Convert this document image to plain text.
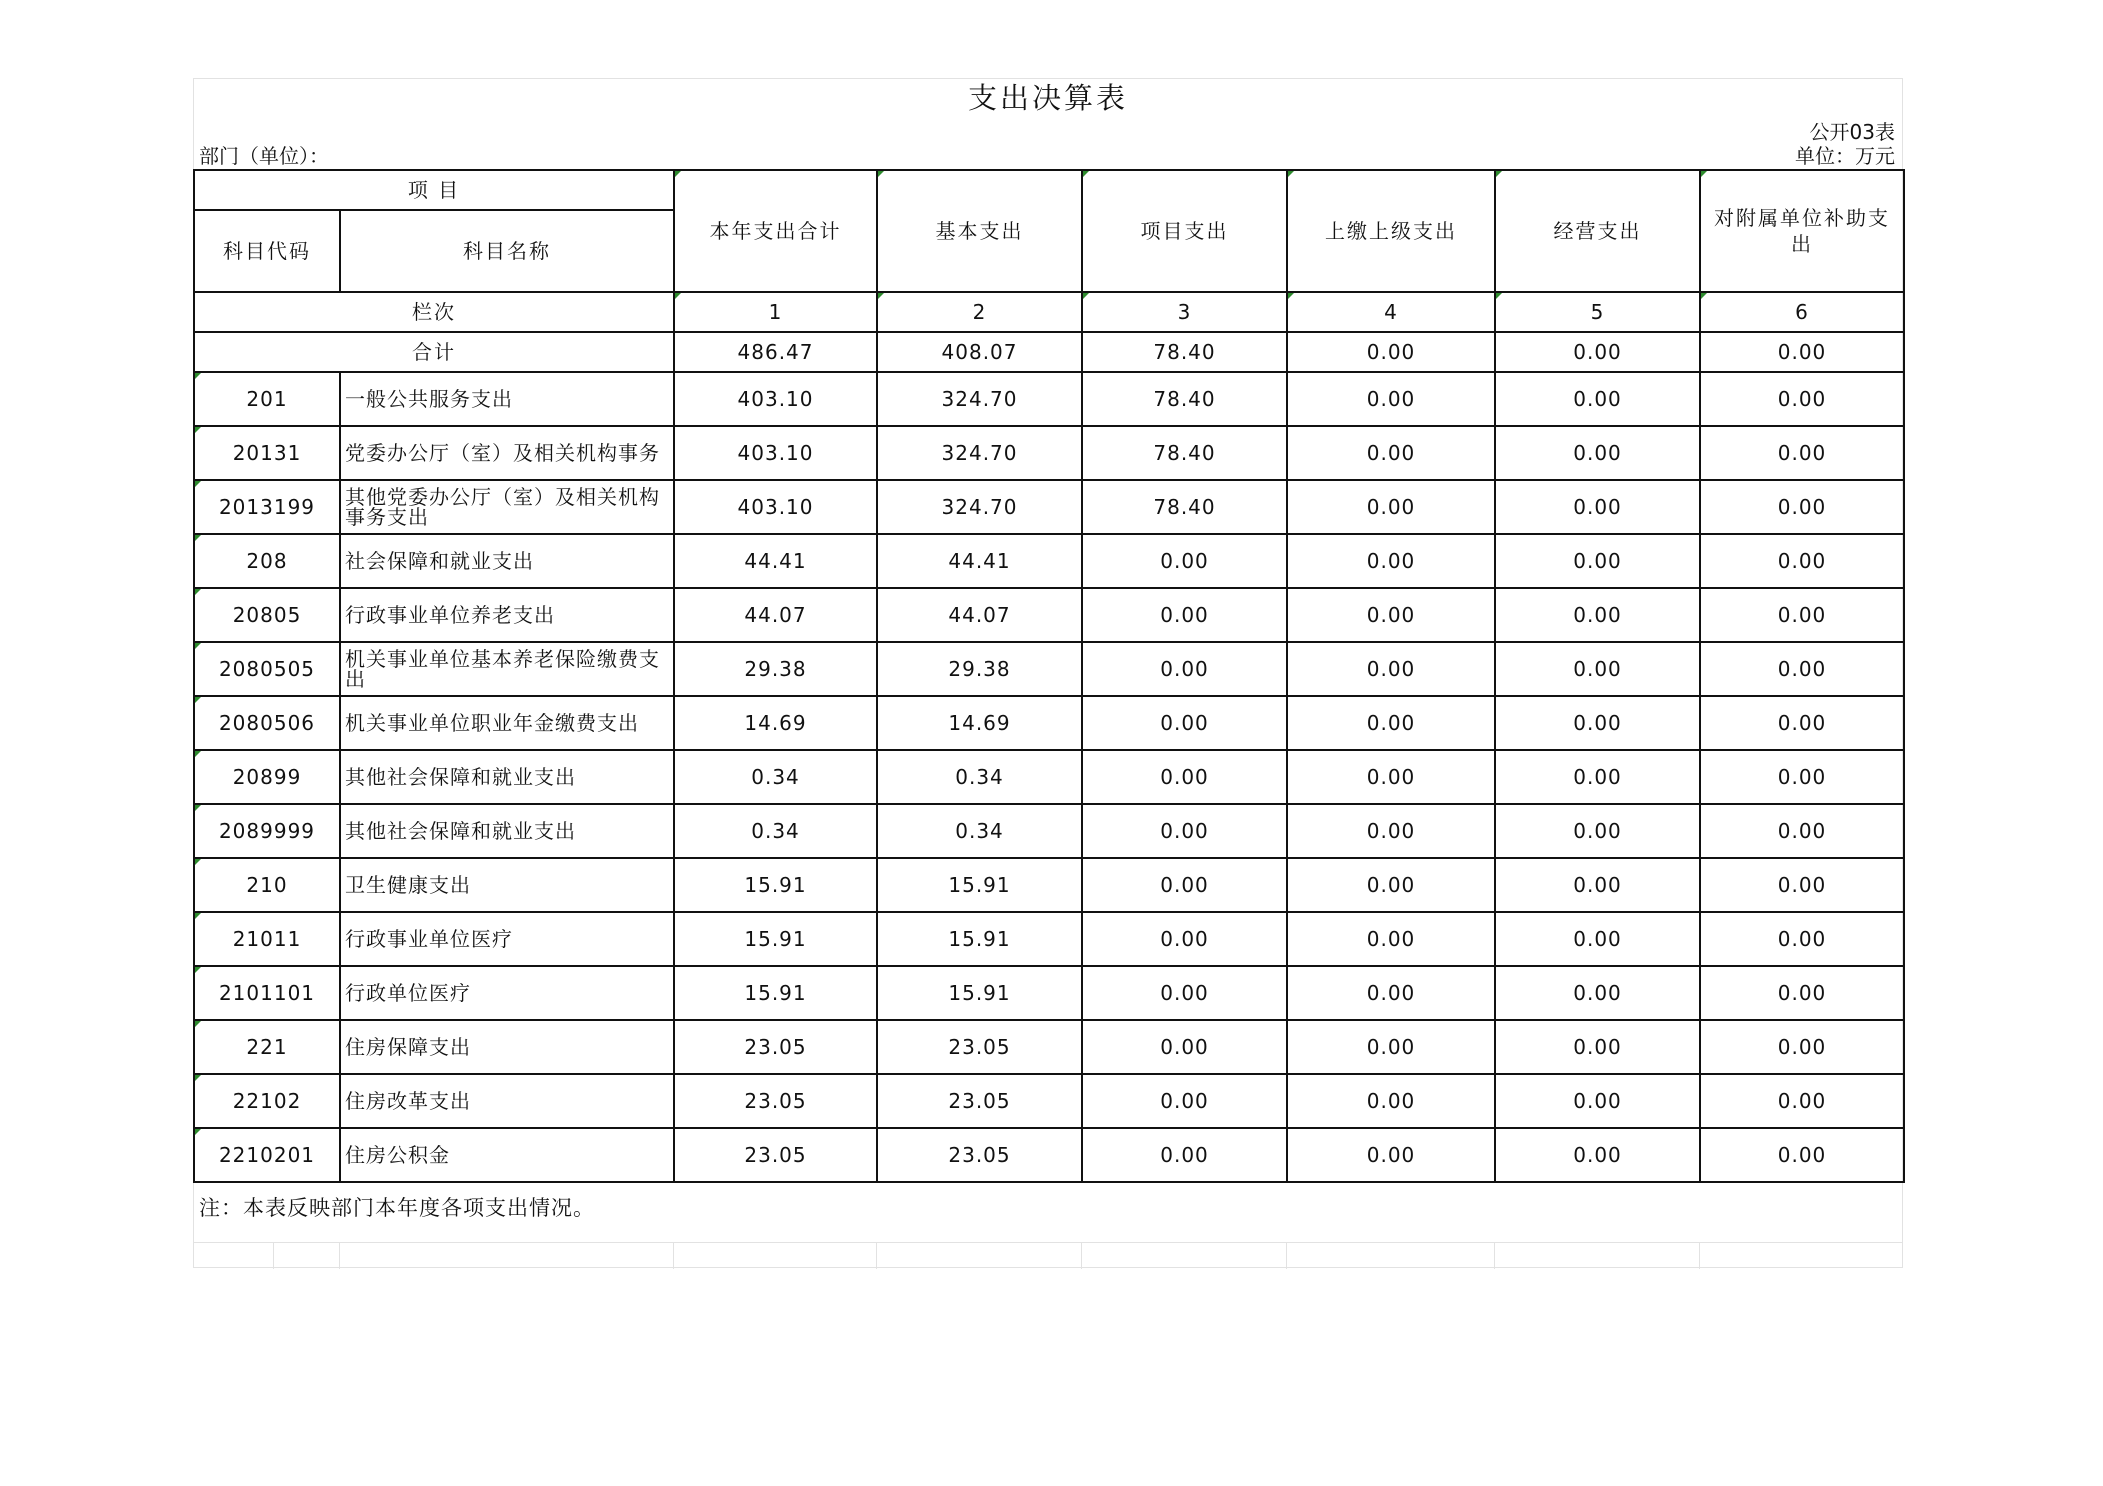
支出决算表
公开03表
部门（单位）：	单位：万元
项 目		本年支出合计	基本支出	项目支出	上缴上级支出	经营支出	对附属单位补助支出

科目代码	科目名称						
栏次		1	2	3	4	5	6

合计		486.47	408.07	78.40	0.00	0.00	0.00
201	一般公共服务支出	403.10	324.70	78.40	0.00	0.00	0.00
20131	党委办公厅（室）及相关机构事务	403.10	324.70	78.40	0.00	0.00	0.00
2013199	其他党委办公厅（室）及相关机构事务支出	403.10	324.70	78.40	0.00	0.00	0.00
208	社会保障和就业支出	44.41	44.41	0.00	0.00	0.00	0.00
20805	行政事业单位养老支出	44.07	44.07	0.00	0.00	0.00	0.00
2080505	机关事业单位基本养老保险缴费支出	29.38	29.38	0.00	0.00	0.00	0.00
2080506	机关事业单位职业年金缴费支出	14.69	14.69	0.00	0.00	0.00	0.00
20899	其他社会保障和就业支出	0.34	0.34	0.00	0.00	0.00	0.00
2089999	其他社会保障和就业支出	0.34	0.34	0.00	0.00	0.00	0.00
210	卫生健康支出	15.91	15.91	0.00	0.00	0.00	0.00
21011	行政事业单位医疗	15.91	15.91	0.00	0.00	0.00	0.00
2101101	行政单位医疗	15.91	15.91	0.00	0.00	0.00	0.00
221	住房保障支出	23.05	23.05	0.00	0.00	0.00	0.00
22102	住房改革支出	23.05	23.05	0.00	0.00	0.00	0.00
2210201	住房公积金	23.05	23.05	0.00	0.00	0.00	0.00
注：本表反映部门本年度各项支出情况。
